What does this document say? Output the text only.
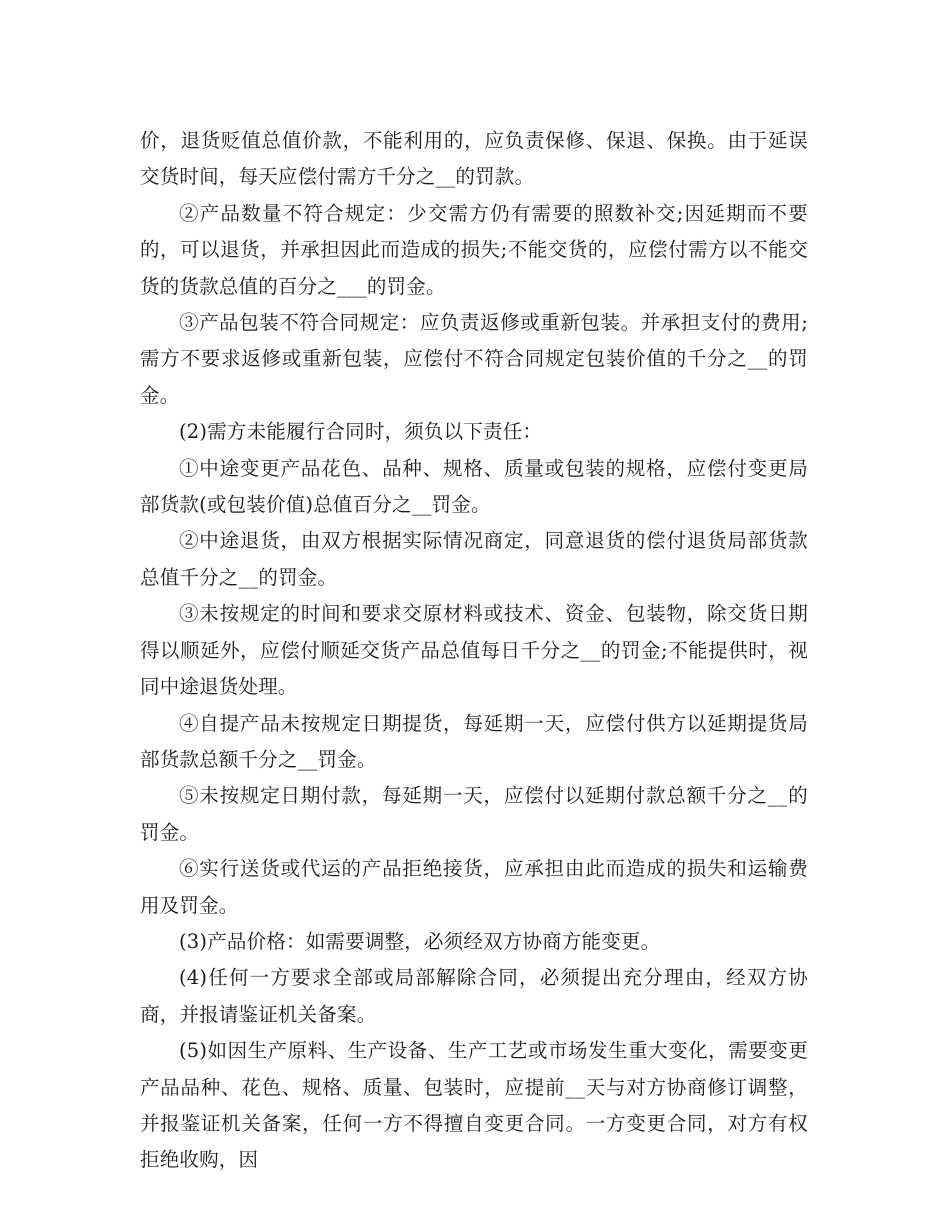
价，退货贬值总值价款，不能利用的，应负责保修、保退、保换。由于延误交货时间，每天应偿付需方千分之__的罚款。

②产品数量不符合规定：少交需方仍有需要的照数补交;因延期而不要的，可以退货，并承担因此而造成的损失;不能交货的，应偿付需方以不能交货的货款总值的百分之___的罚金。

③产品包装不符合同规定：应负责返修或重新包装。并承担支付的费用;需方不要求返修或重新包装，应偿付不符合同规定包装价值的千分之__的罚金。

(2)需方未能履行合同时，须负以下责任：

①中途变更产品花色、品种、规格、质量或包装的规格，应偿付变更局部货款(或包装价值)总值百分之__罚金。

②中途退货，由双方根据实际情况商定，同意退货的偿付退货局部货款总值千分之__的罚金。

③未按规定的时间和要求交原材料或技术、资金、包装物，除交货日期得以顺延外，应偿付顺延交货产品总值每日千分之__的罚金;不能提供时，视同中途退货处理。

④自提产品未按规定日期提货，每延期一天，应偿付供方以延期提货局部货款总额千分之__罚金。

⑤未按规定日期付款，每延期一天，应偿付以延期付款总额千分之__的罚金。

⑥实行送货或代运的产品拒绝接货，应承担由此而造成的损失和运输费用及罚金。

(3)产品价格：如需要调整，必须经双方协商方能变更。

(4)任何一方要求全部或局部解除合同，必须提出充分理由，经双方协商，并报请鉴证机关备案。

(5)如因生产原料、生产设备、生产工艺或市场发生重大变化，需要变更产品品种、花色、规格、质量、包装时，应提前__天与对方协商修订调整，并报鉴证机关备案，任何一方不得擅自变更合同。一方变更合同，对方有权拒绝收购，因
